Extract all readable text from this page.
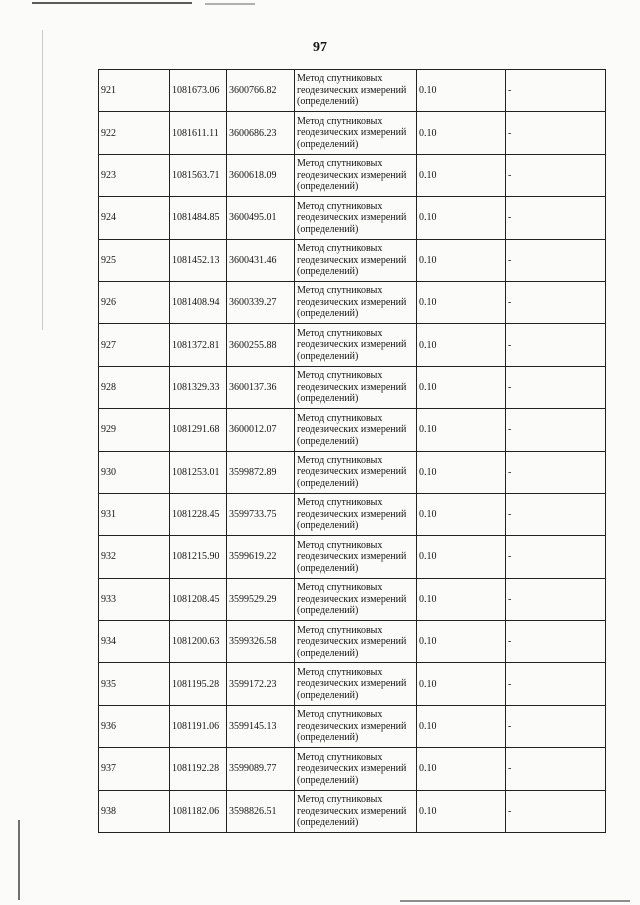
97
921	1081673.06	3600766.82	Метод спутниковых
геодезических измерений
(определений)	0.10	-
922	1081611.11	3600686.23	Метод спутниковых
геодезических измерений
(определений)	0.10	-
923	1081563.71	3600618.09	Метод спутниковых
геодезических измерений
(определений)	0.10	-
924	1081484.85	3600495.01	Метод спутниковых
геодезических измерений
(определений)	0.10	-
925	1081452.13	3600431.46	Метод спутниковых
геодезических измерений
(определений)	0.10	-
926	1081408.94	3600339.27	Метод спутниковых
геодезических измерений
(определений)	0.10	-
927	1081372.81	3600255.88	Метод спутниковых
геодезических измерений
(определений)	0.10	-
928	1081329.33	3600137.36	Метод спутниковых
геодезических измерений
(определений)	0.10	-
929	1081291.68	3600012.07	Метод спутниковых
геодезических измерений
(определений)	0.10	-
930	1081253.01	3599872.89	Метод спутниковых
геодезических измерений
(определений)	0.10	-
931	1081228.45	3599733.75	Метод спутниковых
геодезических измерений
(определений)	0.10	-
932	1081215.90	3599619.22	Метод спутниковых
геодезических измерений
(определений)	0.10	-
933	1081208.45	3599529.29	Метод спутниковых
геодезических измерений
(определений)	0.10	-
934	1081200.63	3599326.58	Метод спутниковых
геодезических измерений
(определений)	0.10	-
935	1081195.28	3599172.23	Метод спутниковых
геодезических измерений
(определений)	0.10	-
936	1081191.06	3599145.13	Метод спутниковых
геодезических измерений
(определений)	0.10	-
937	1081192.28	3599089.77	Метод спутниковых
геодезических измерений
(определений)	0.10	-
938	1081182.06	3598826.51	Метод спутниковых
геодезических измерений
(определений)	0.10	-
